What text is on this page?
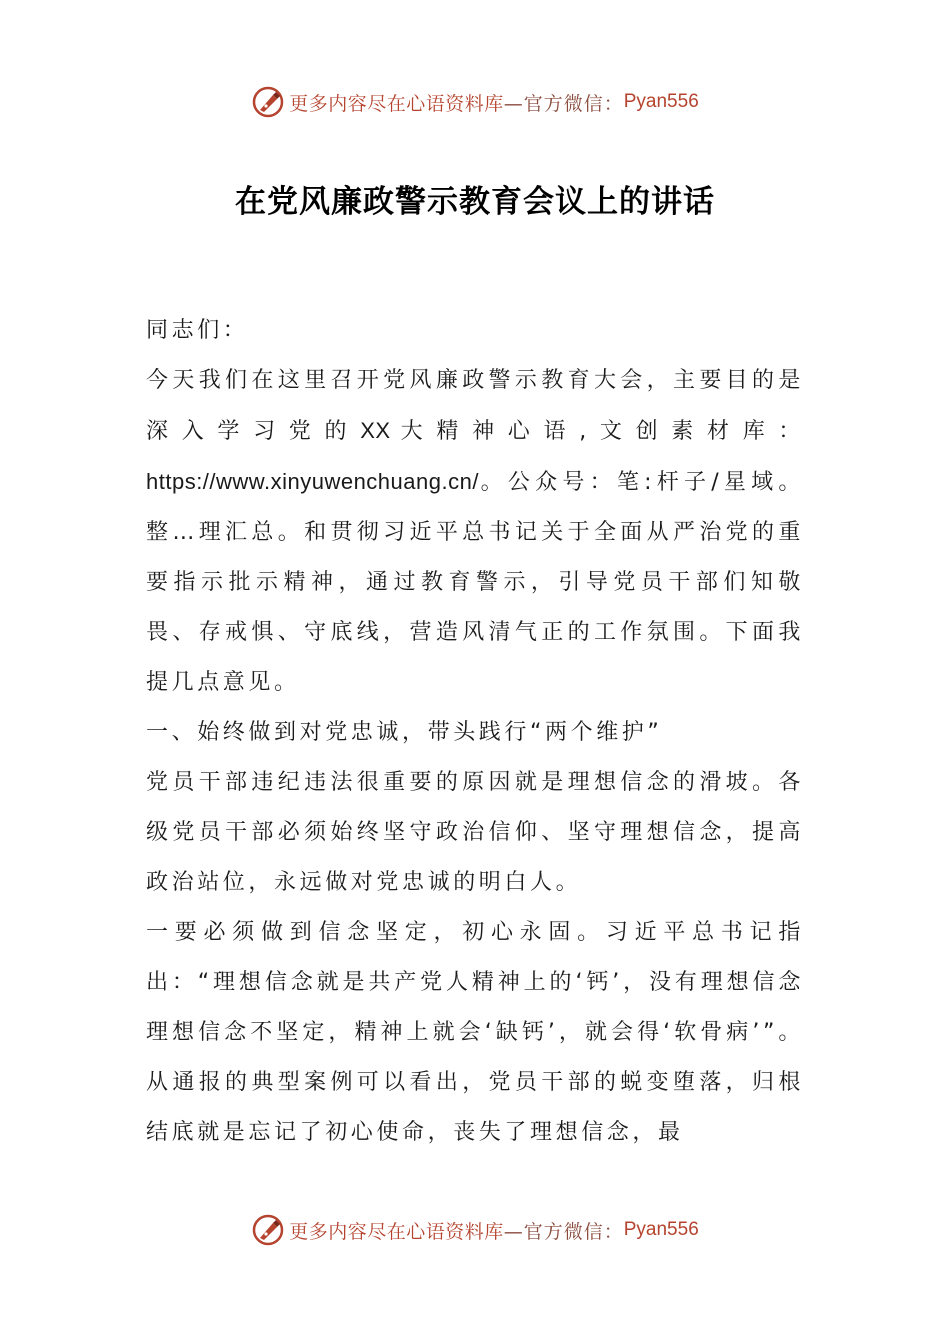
更多内容尽在心语资料库 —官方微信： Pyan556
在党风廉政警示教育会议上的讲话

同志们：

今天我们在这里召开党风廉政警示教育大会，主要目的是深入学习党的XX大精神心语,文创素材库：https://www.xinyuwenchuang.cn/。公众号：笔:杆子/星域。整…理汇总。和贯彻习近平总书记关于全面从严治党的重要指示批示精神，通过教育警示，引导党员干部们知敬畏、存戒惧、守底线，营造风清气正的工作氛围。下面我提几点意见。

一、始终做到对党忠诚，带头践行“两个维护”

党员干部违纪违法很重要的原因就是理想信念的滑坡。各级党员干部必须始终坚守政治信仰、坚守理想信念，提高政治站位，永远做对党忠诚的明白人。

一要必须做到信念坚定，初心永固。习近平总书记指出：“理想信念就是共产党人精神上的‘钙’，没有理想信念理想信念不坚定，精神上就会‘缺钙’，就会得‘软骨病’”。从通报的典型案例可以看出，党员干部的蜕变堕落，归根结底就是忘记了初心使命，丧失了理想信念，最

更多内容尽在心语资料库 —官方微信： Pyan556
